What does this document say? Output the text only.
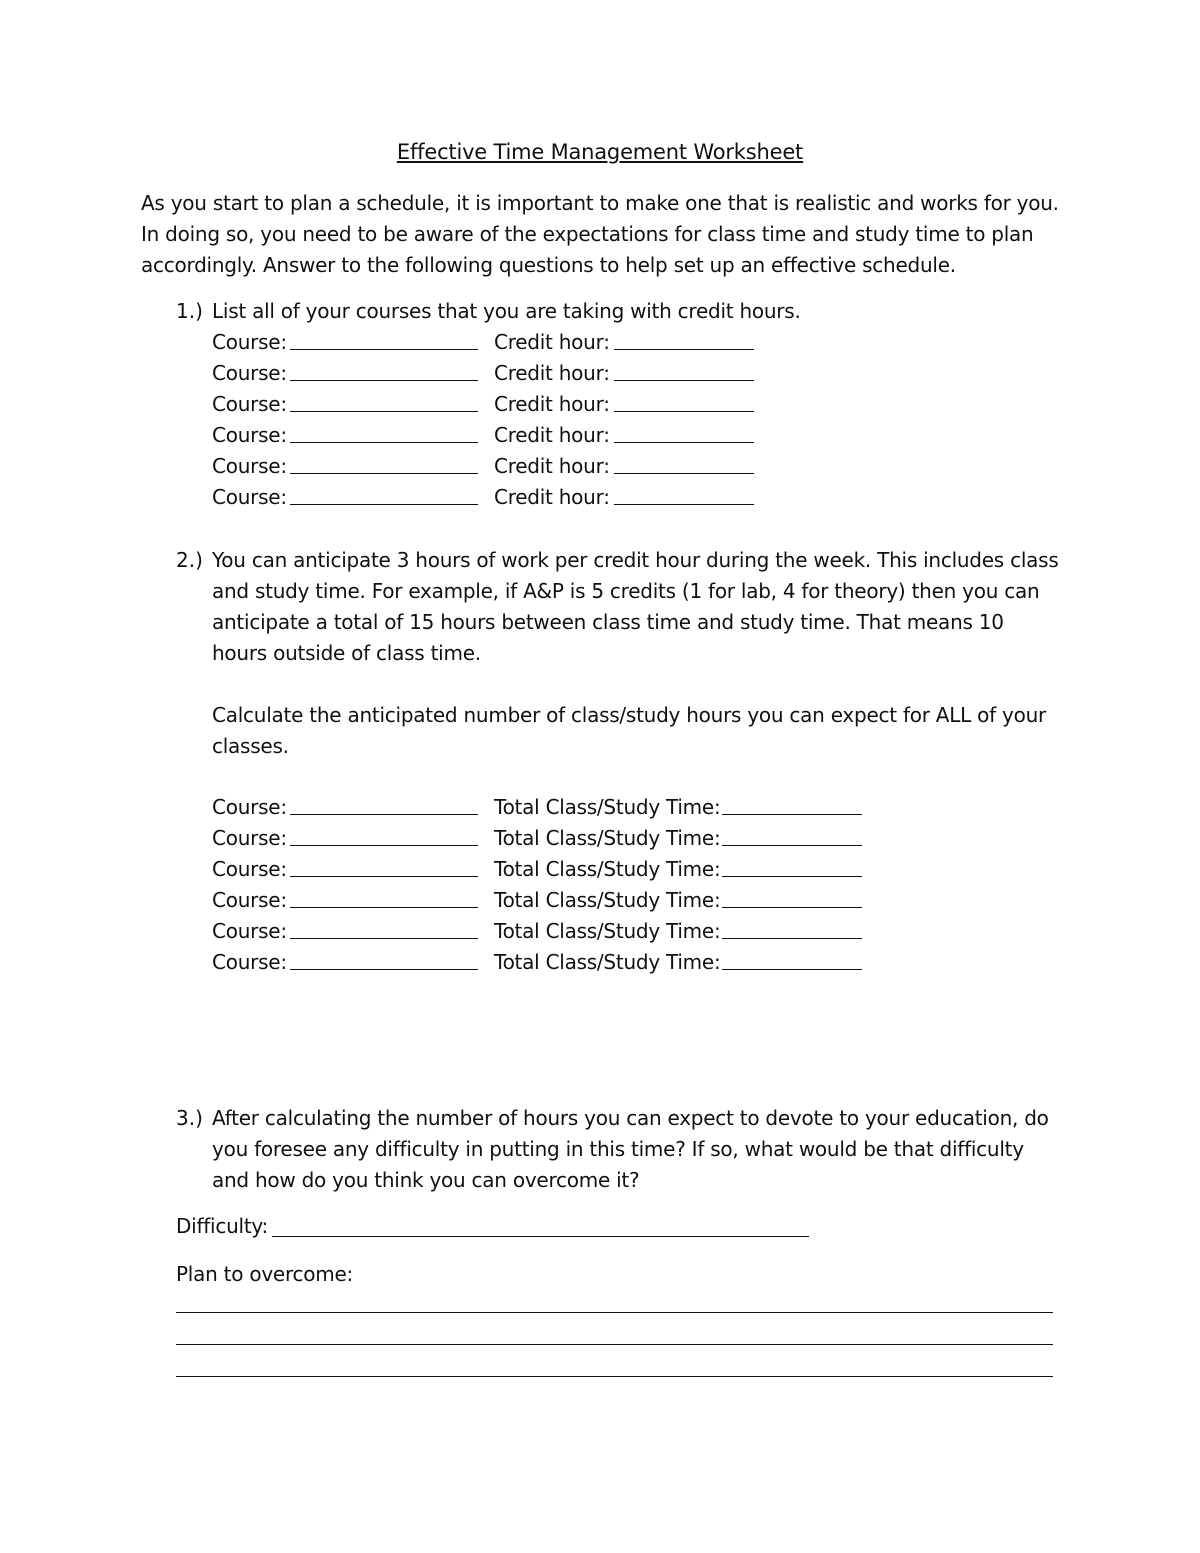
Effective Time Management Worksheet
As you start to plan a schedule, it is important to make one that is realistic and works for you. In doing so, you need to be aware of the expectations for class time and study time to plan accordingly. Answer to the following questions to help set up an effective schedule.
1.) List all of your courses that you are taking with credit hours.
Course:	Credit hour:
Course:	Credit hour:
Course:	Credit hour:
Course:	Credit hour:
Course:	Credit hour:
Course:	Credit hour:
2.) You can anticipate 3 hours of work per credit hour during the week. This includes class and study time. For example, if A&P is 5 credits (1 for lab, 4 for theory) then you can anticipate a total of 15 hours between class time and study time. That means 10 hours outside of class time.
Calculate the anticipated number of class/study hours you can expect for ALL of your classes.
Course:	Total Class/Study Time:
Course:	Total Class/Study Time:
Course:	Total Class/Study Time:
Course:	Total Class/Study Time:
Course:	Total Class/Study Time:
Course:	Total Class/Study Time:
3.) After calculating the number of hours you can expect to devote to your education, do you foresee any difficulty in putting in this time? If so, what would be that difficulty and how do you think you can overcome it?
Difficulty:
Plan to overcome:
